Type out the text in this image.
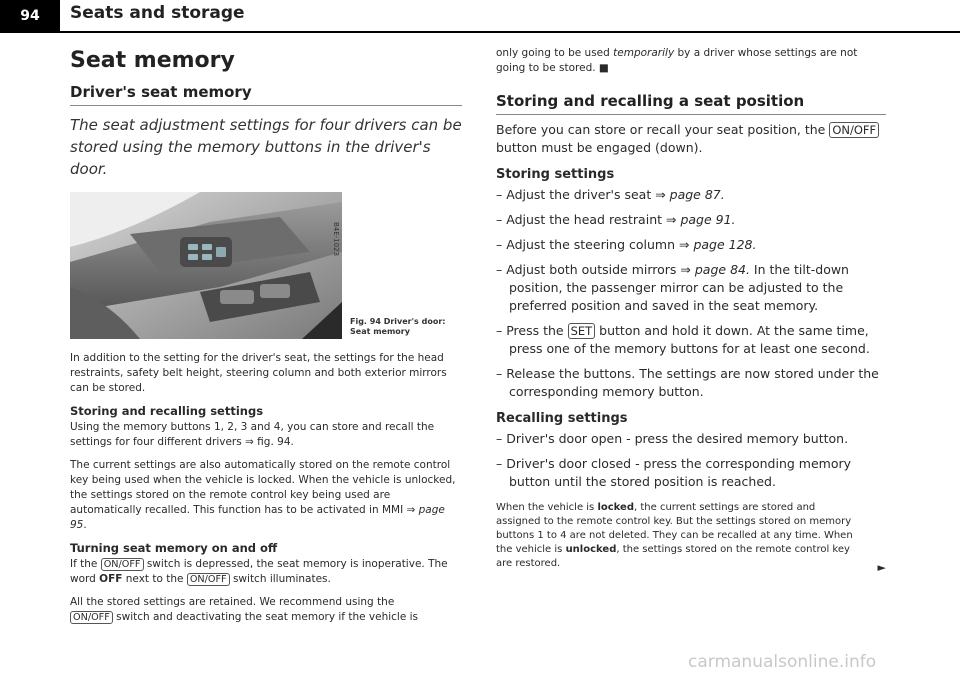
94	Seats and storage
Seat memory
Driver's seat memory
The seat adjustment settings for four drivers can be stored using the memory buttons in the driver's door.
B4E-1023
Fig. 94 Driver's door: Seat memory

In addition to the setting for the driver's seat, the settings for the head restraints, safety belt height, steering column and both exterior mirrors can be stored.

Storing and recalling settings

Using the memory buttons 1, 2, 3 and 4, you can store and recall the settings for four different drivers ⇒ fig. 94.

The current settings are also automatically stored on the remote control key being used when the vehicle is locked. When the vehicle is unlocked, the settings stored on the remote control key being used are automatically recalled. This function has to be activated in MMI ⇒ page 95.

Turning seat memory on and off

If the ON/OFF switch is depressed, the seat memory is inoperative. The word OFF next to the ON/OFF switch illuminates.

All the stored settings are retained. We recommend using the
ON/OFF switch and deactivating the seat memory if the vehicle is

only going to be used temporarily by a driver whose settings are not going to be stored. ■

Storing and recalling a seat position
Before you can store or recall your seat position, the ON/OFF button must be engaged (down).
Storing settings
– Adjust the driver's seat ⇒ page 87.
– Adjust the head restraint ⇒ page 91.
– Adjust the steering column ⇒ page 128.
– Adjust both outside mirrors ⇒ page 84. In the tilt-down position, the passenger mirror can be adjusted to the preferred position and saved in the seat memory.
– Press the SET button and hold it down. At the same time, press one of the memory buttons for at least one second.
– Release the buttons. The settings are now stored under the corresponding memory button.
Recalling settings
– Driver's door open - press the desired memory button.
– Driver's door closed - press the corresponding memory button until the stored position is reached.
When the vehicle is locked, the current settings are stored and assigned to the remote control key. But the settings stored on memory buttons 1 to 4 are not deleted. They can be recalled at any time. When the vehicle is unlocked, the settings stored on the remote control key are restored.	►
carmanualsonline.info
